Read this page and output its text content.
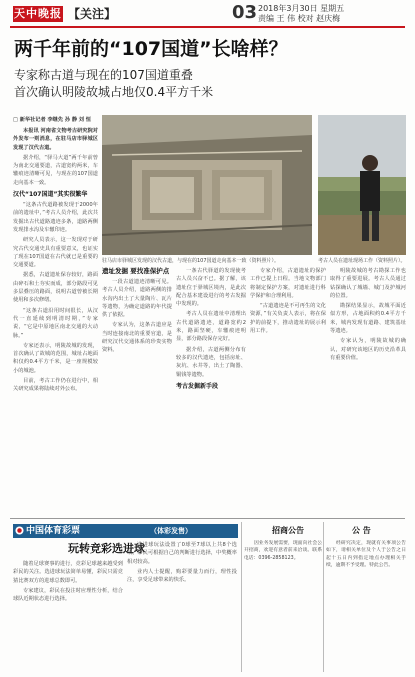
天中晚报 【关注】	03 2018年3月30日 星期五
责编 王 伟 校对 赵庆梅
两千年前的“107国道”长啥样？
专家称古道与现在的107国道重叠
首次确认明陵故城占地仅0.4平方千米
□ 新华社记者 李继先 孙 静 刘 恒

本报讯 河南省文物考古研究院对外发布一则消息，在驻马店市驿城区发现了汉代古道。

据介绍，“驿马大道”两千年前曾为南北交通要道，古道宽约两米，车辙痕迹清晰可见，与现在的107国道走向基本一致。

汉代“107国道”其实很繁华

“这条古代道路被发现于2000年前的遗址中，”考古人员介绍，此次共发掘出古代道路遗迹多条，道路两侧发现排水沟及车辙印迹。

研究人员表示，这一发现对于研究古代交通史具有重要意义，也证实了现在107国道在古代就已是重要的交通要道。

据悉，古道遗址保存较好，路面由碎石和土夯实而成，部分路段可见多层叠压的路面，说明古道曾被长期使用和多次修缮。

“这条古道沿用时间很长，从汉代一直延续到明清时期，”专家说，“它是中原地区南北交通的大动脉。”

专家还表示，明陵故城的发现，首次确认了故城的范围，城址占地面积仅约0.4平方千米，是一座规模较小的城池。

目前，考古工作仍在进行中，相关研究成果将陆续对外公布。

驻马店市驿城区发现的汉代古道，与现在的107国道走向基本一致（资料照片）。	考古人员在遗址现场工作（资料照片）。
遗址发掘 要找准保护点

一段古道遗迹清晰可见。考古人员介绍，道路两侧的排水沟内出土了大量陶片、瓦片等遗物，为确定道路的年代提供了依据。

专家认为，这条古道应是当时连接南北的重要官道，是研究汉代交通体系的珍贵实物资料。

一条古代驿道的发现使考古人员兴奋不已。据了解，该遗址位于驿城区境内，是此次配合基本建设进行的考古发掘中发现的。

考古人员在遗址中清理出古代道路遗迹，道路宽约2米，路面坚硬，车辙痕迹明显，部分路段保存完好。

据介绍，古道两侧分布有较多的汉代遗迹，包括房址、灰坑、水井等，出土了陶器、铜钱等遗物。

考古发掘新手段

专家介绍，古道遗址的保护工作已提上日程。当地文物部门将制定保护方案，对遗址进行科学保护和合理利用。

“古道遗迹是不可再生的文化资源，”有关负责人表示，将在保护的前提下，推动遗址的展示利用工作。

明陵故城的考古勘探工作也取得了重要进展。考古人员通过钻探确认了城墙、城门及护城河的位置。

勘探结果显示，故城平面近似方形，占地面积约0.4平方千米，城内发现有道路、建筑基址等遗迹。

专家认为，明陵故城的确认，对研究该地区的历史沿革具有重要价值。

中国体育彩票	（体彩发售）
玩转竞彩选进球

随着足球赛事的进行，竞彩足球越来越受到彩民的关注。选进球玩法简单易懂，彩民只需竞猜比赛双方的进球总数即可。

专家建议，彩民在投注时应理性分析，结合球队近期状态进行选择。

选进球玩法设置了0球至7球以上共8个选项，彩民可根据自己的判断进行选择，中奖概率相对较高。

业内人士提醒，购彩要量力而行，理性投注，享受足球带来的快乐。

招商公告

因业务发展需要，现面向社会公开招商，欢迎有意者前来洽谈。联系电话：0396-2858123。

公 告

经研究决定，现就有关事项公告如下，请相关单位及个人于公告之日起十五日内到指定地点办理相关手续，逾期不予受理。特此公告。
